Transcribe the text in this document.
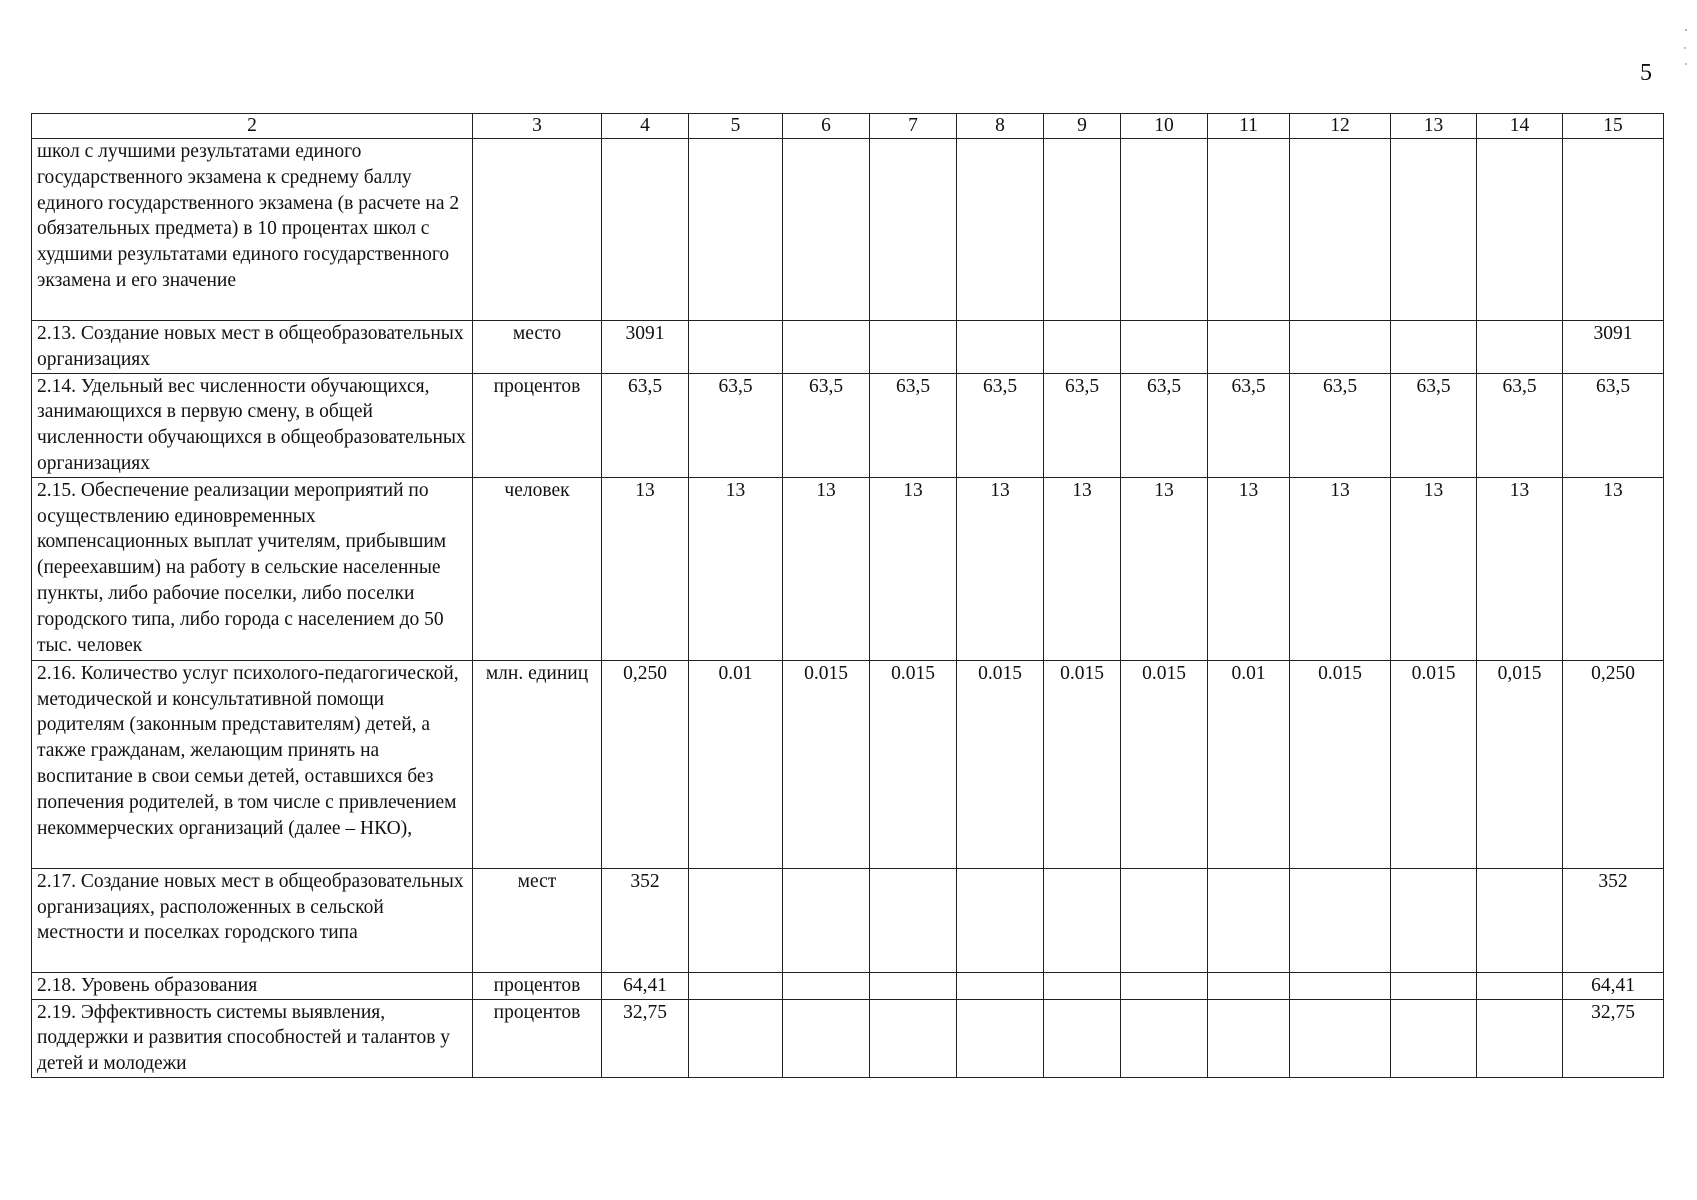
5
2	3	4	5	6	7	8	9	10	11	12	13	14	15
школ с лучшими результатами единого государственного экзамена к среднему баллу единого государственного экзамена (в расчете на 2 обязательных предмета) в 10 процентах школ с худшими результатами единого государственного экзамена и его значение													
2.13. Создание новых мест в общеобразовательных организациях	место	3091											3091
2.14. Удельный вес численности обучающихся, занимающихся в первую смену, в общей численности обучающихся в общеобразовательных организациях	процентов	63,5	63,5	63,5	63,5	63,5	63,5	63,5	63,5	63,5	63,5	63,5	63,5
2.15. Обеспечение реализации мероприятий по осуществлению единовременных компенсационных выплат учителям, прибывшим (переехавшим) на работу в сельские населенные пункты, либо рабочие поселки, либо поселки городского типа, либо города с населением до 50 тыс. человек	человек	13	13	13	13	13	13	13	13	13	13	13	13
2.16. Количество услуг психолого-педагогической, методической и консультативной помощи родителям (законным представителям) детей, а также гражданам, желающим принять на воспитание в свои семьи детей, оставшихся без попечения родителей, в том числе с привлечением некоммерческих организаций (далее – НКО),	млн. единиц	0,250	0.01	0.015	0.015	0.015	0.015	0.015	0.01	0.015	0.015	0,015	0,250
2.17. Создание новых мест в общеобразовательных организациях, расположенных в сельской местности и поселках городского типа	мест	352											352
2.18. Уровень образования	процентов	64,41											64,41
2.19. Эффективность системы выявления, поддержки и развития способностей и талантов у детей и молодежи	процентов	32,75											32,75
